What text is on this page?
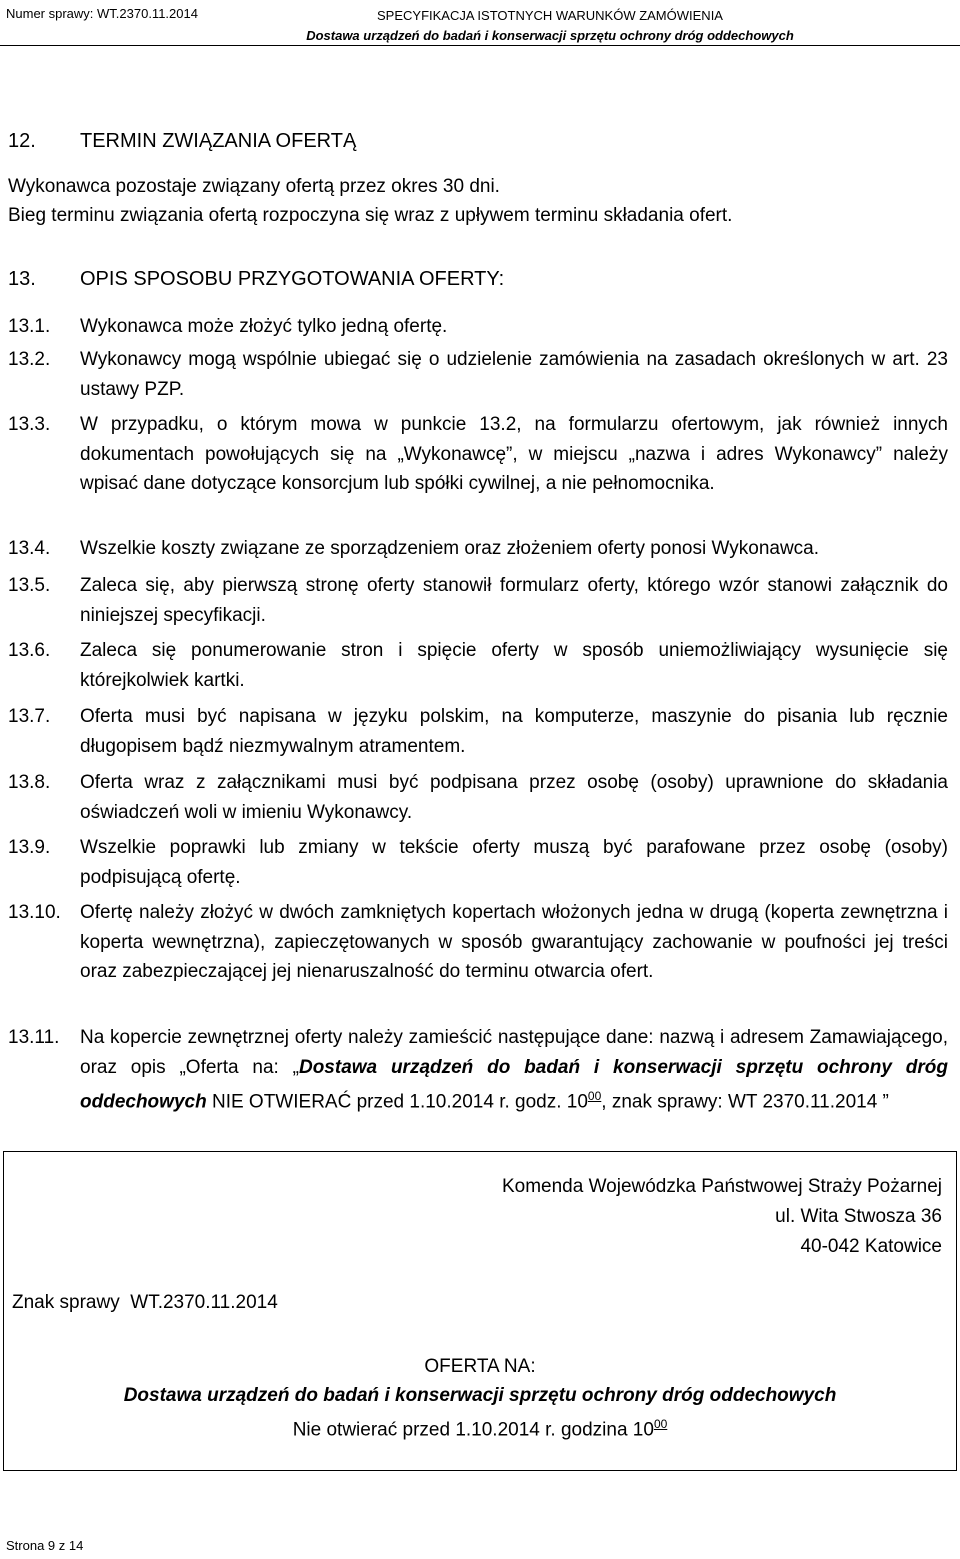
Numer sprawy: WT.2370.11.2014	SPECYFIKACJA ISTOTNYCH WARUNKÓW ZAMÓWIENIA
Dostawa urządzeń do badań i konserwacji sprzętu ochrony dróg oddechowych
12. TERMIN ZWIĄZANIA OFERTĄ
Wykonawca pozostaje związany ofertą przez okres 30 dni.
Bieg terminu związania ofertą rozpoczyna się wraz z upływem terminu składania ofert.
13. OPIS SPOSOBU PRZYGOTOWANIA OFERTY:
13.1. Wykonawca może złożyć tylko jedną ofertę.
13.2. Wykonawcy mogą wspólnie ubiegać się o udzielenie zamówienia na zasadach określonych w art. 23 ustawy PZP.
13.3. W przypadku, o którym mowa w punkcie 13.2, na formularzu ofertowym, jak również innych dokumentach powołujących się na „Wykonawcę”, w miejscu „nazwa i adres Wykonawcy” należy wpisać dane dotyczące konsorcjum lub spółki cywilnej, a nie pełnomocnika.
13.4. Wszelkie koszty związane ze sporządzeniem oraz złożeniem oferty ponosi Wykonawca.
13.5. Zaleca się, aby pierwszą stronę oferty stanowił formularz oferty, którego wzór stanowi załącznik do niniejszej specyfikacji.
13.6. Zaleca się ponumerowanie stron i spięcie oferty w sposób uniemożliwiający wysunięcie się którejkolwiek kartki.
13.7. Oferta musi być napisana w języku polskim, na komputerze, maszynie do pisania lub ręcznie długopisem bądź niezmywalnym atramentem.
13.8. Oferta wraz z załącznikami musi być podpisana przez osobę (osoby) uprawnione do składania oświadczeń woli w imieniu Wykonawcy.
13.9. Wszelkie poprawki lub zmiany w tekście oferty muszą być parafowane przez osobę (osoby) podpisującą ofertę.
13.10. Ofertę należy złożyć w dwóch zamkniętych kopertach włożonych jedna w drugą (koperta zewnętrzna i koperta wewnętrzna), zapieczętowanych w sposób gwarantujący zachowanie w poufności jej treści oraz zabezpieczającej jej nienaruszalność do terminu otwarcia ofert.
13.11. Na kopercie zewnętrznej oferty należy zamieścić następujące dane: nazwą i adresem Zamawiającego, oraz opis „Oferta na: „Dostawa urządzeń do badań i konserwacji sprzętu ochrony dróg oddechowych NIE OTWIERAĆ przed 1.10.2014 r. godz. $10^{00}$, znak sprawy: WT 2370.11.2014 ”
Komenda Wojewódzka Państwowej Straży Pożarnej
ul. Wita Stwosza 36
40-042 Katowice
Znak sprawy  WT.2370.11.2014
OFERTA NA:
Dostawa urządzeń do badań i konserwacji sprzętu ochrony dróg oddechowych
Nie otwierać przed 1.10.2014 r. godzina $10^{00}$
Strona 9 z 14
